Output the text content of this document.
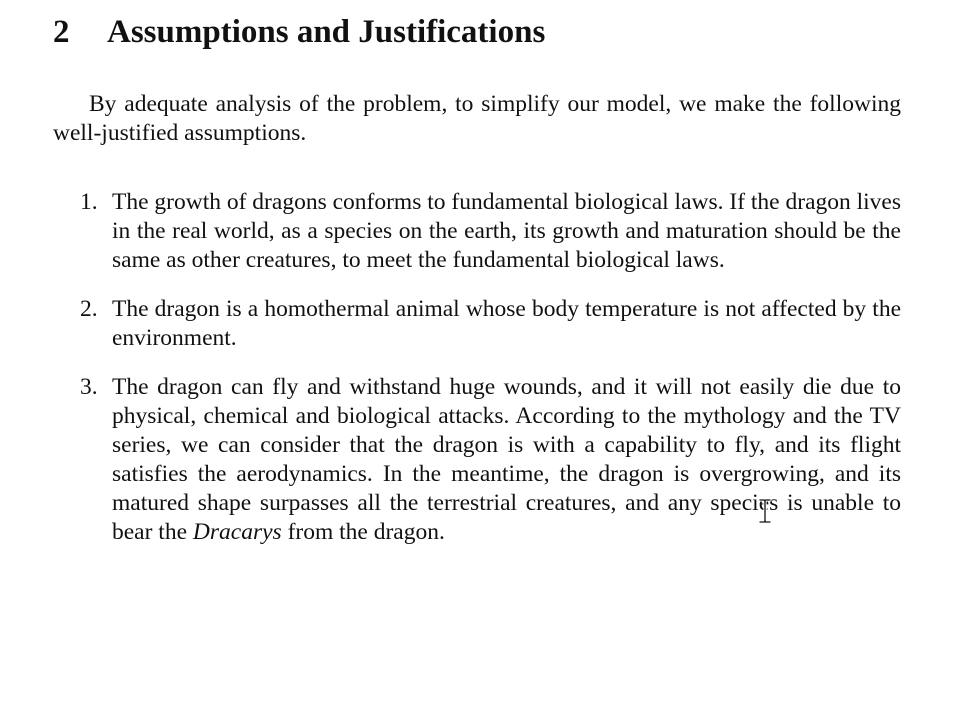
2 Assumptions and Justifications

By adequate analysis of the problem, to simplify our model, we make the following well-justified assumptions.

1. The growth of dragons conforms to fundamental biological laws. If the dragon lives in the real world, as a species on the earth, its growth and maturation should be the same as other creatures, to meet the fundamental biological laws.
2. The dragon is a homothermal animal whose body temperature is not affected by the environment.
3. The dragon can fly and withstand huge wounds, and it will not easily die due to physical, chemical and biological attacks. According to the mythology and the TV series, we can consider that the dragon is with a capability to fly, and its flight satisfies the aerodynamics. In the meantime, the dragon is overgrowing, and its matured shape surpasses all the terrestrial creatures, and any species is unable to bear the Dracarys from the dragon.
